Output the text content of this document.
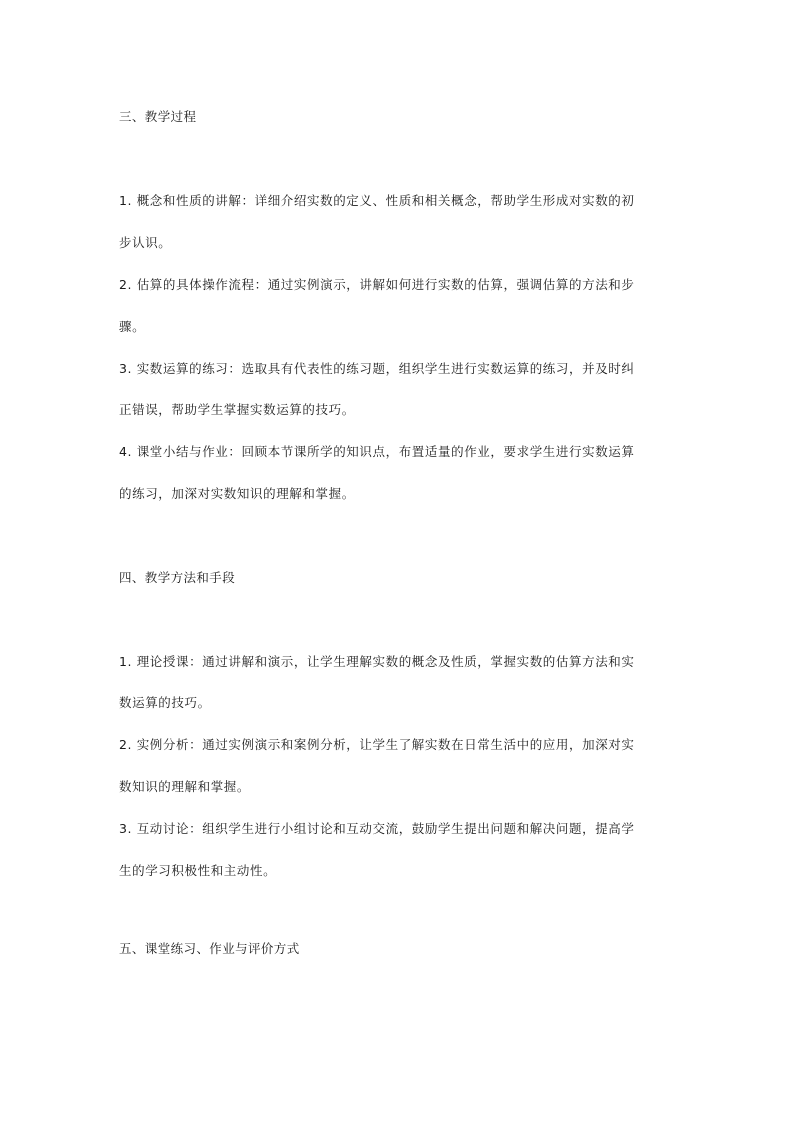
三、教学过程
1. 概念和性质的讲解：详细介绍实数的定义、性质和相关概念，帮助学生形成对实数的初
步认识。
2. 估算的具体操作流程：通过实例演示，讲解如何进行实数的估算，强调估算的方法和步
骤。
3. 实数运算的练习：选取具有代表性的练习题，组织学生进行实数运算的练习，并及时纠
正错误，帮助学生掌握实数运算的技巧。
4. 课堂小结与作业：回顾本节课所学的知识点，布置适量的作业，要求学生进行实数运算
的练习，加深对实数知识的理解和掌握。
四、教学方法和手段
1. 理论授课：通过讲解和演示，让学生理解实数的概念及性质，掌握实数的估算方法和实
数运算的技巧。
2. 实例分析：通过实例演示和案例分析，让学生了解实数在日常生活中的应用，加深对实
数知识的理解和掌握。
3. 互动讨论：组织学生进行小组讨论和互动交流，鼓励学生提出问题和解决问题，提高学
生的学习积极性和主动性。
五、课堂练习、作业与评价方式
